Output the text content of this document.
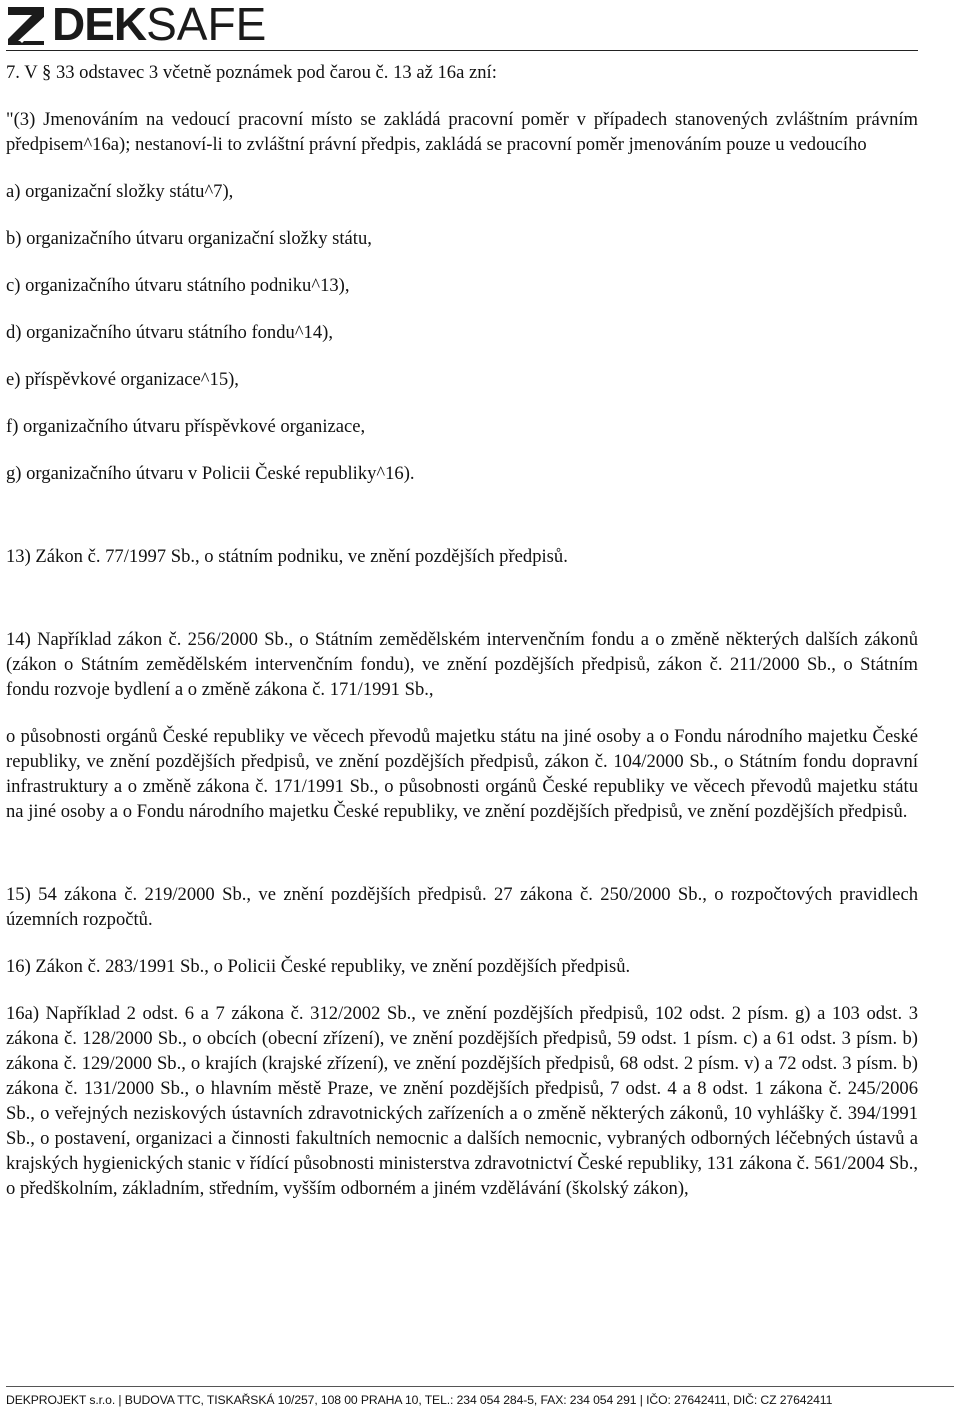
DEK SAFE

7. V § 33 odstavec 3 včetně poznámek pod čarou č. 13 až 16a zní:

"(3) Jmenováním na vedoucí pracovní místo se zakládá pracovní poměr v případech stanovených zvláštním právním předpisem^16a); nestanoví-li to zvláštní právní předpis, zakládá se pracovní poměr jmenováním pouze u vedoucího

a) organizační složky státu^7),

b) organizačního útvaru organizační složky státu,

c) organizačního útvaru státního podniku^13),

d) organizačního útvaru státního fondu^14),

e) příspěvkové organizace^15),

f) organizačního útvaru příspěvkové organizace,

g) organizačního útvaru v Policii České republiky^16).

13) Zákon č. 77/1997 Sb., o státním podniku, ve znění pozdějších předpisů.

14) Například zákon č. 256/2000 Sb., o Státním zemědělském intervenčním fondu a o změně některých dalších zákonů (zákon o Státním zemědělském intervenčním fondu), ve znění pozdějších předpisů, zákon č. 211/2000 Sb., o Státním fondu rozvoje bydlení a o změně zákona č. 171/1991 Sb.,

o působnosti orgánů České republiky ve věcech převodů majetku státu na jiné osoby a o Fondu národního majetku České republiky, ve znění pozdějších předpisů, ve znění pozdějších předpisů, zákon č. 104/2000 Sb., o Státním fondu dopravní infrastruktury a o změně zákona č. 171/1991 Sb., o působnosti orgánů České republiky ve věcech převodů majetku státu na jiné osoby a o Fondu národního majetku České republiky, ve znění pozdějších předpisů, ve znění pozdějších předpisů.

15) 54 zákona č. 219/2000 Sb., ve znění pozdějších předpisů. 27 zákona č. 250/2000 Sb., o rozpočtových pravidlech územních rozpočtů.

16) Zákon č. 283/1991 Sb., o Policii České republiky, ve znění pozdějších předpisů.

16a) Například 2 odst. 6 a 7 zákona č. 312/2002 Sb., ve znění pozdějších předpisů, 102 odst. 2 písm. g) a 103 odst. 3 zákona č. 128/2000 Sb., o obcích (obecní zřízení), ve znění pozdějších předpisů, 59 odst. 1 písm. c) a 61 odst. 3 písm. b) zákona č. 129/2000 Sb., o krajích (krajské zřízení), ve znění pozdějších předpisů, 68 odst. 2 písm. v) a 72 odst. 3 písm. b) zákona č. 131/2000 Sb., o hlavním městě Praze, ve znění pozdějších předpisů, 7 odst. 4 a 8 odst. 1 zákona č. 245/2006 Sb., o veřejných neziskových ústavních zdravotnických zařízeních a o změně některých zákonů, 10 vyhlášky č. 394/1991 Sb., o postavení, organizaci a činnosti fakultních nemocnic a dalších nemocnic, vybraných odborných léčebných ústavů a krajských hygienických stanic v řídící působnosti ministerstva zdravotnictví České republiky, 131 zákona č. 561/2004 Sb., o předškolním, základním, středním, vyšším odborném a jiném vzdělávání (školský zákon),

DEKPROJEKT s.r.o. | BUDOVA TTC, TISKAŘSKÁ 10/257, 108 00 PRAHA 10, TEL.: 234 054 284-5, FAX: 234 054 291 | IČO: 27642411, DIČ: CZ 27642411
